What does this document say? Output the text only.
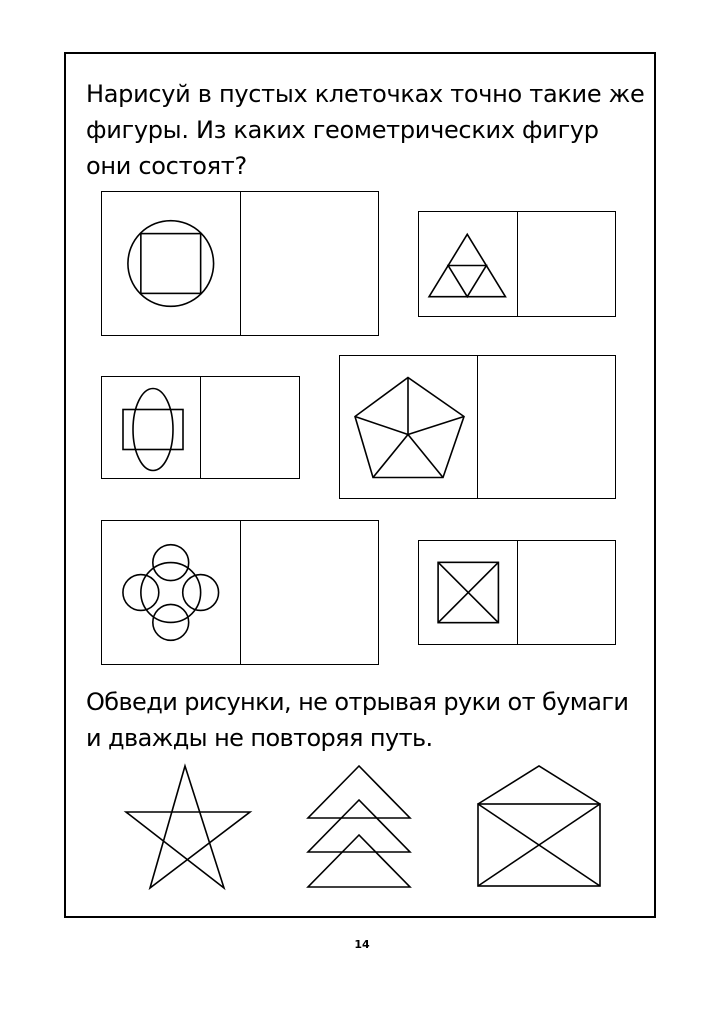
Нарисуй в пустых клеточках точно такие же фигуры. Из каких геометрических фигур они состоят?

Обведи рисунки, не отрывая руки от бумаги и дважды не повторяя путь.

14
